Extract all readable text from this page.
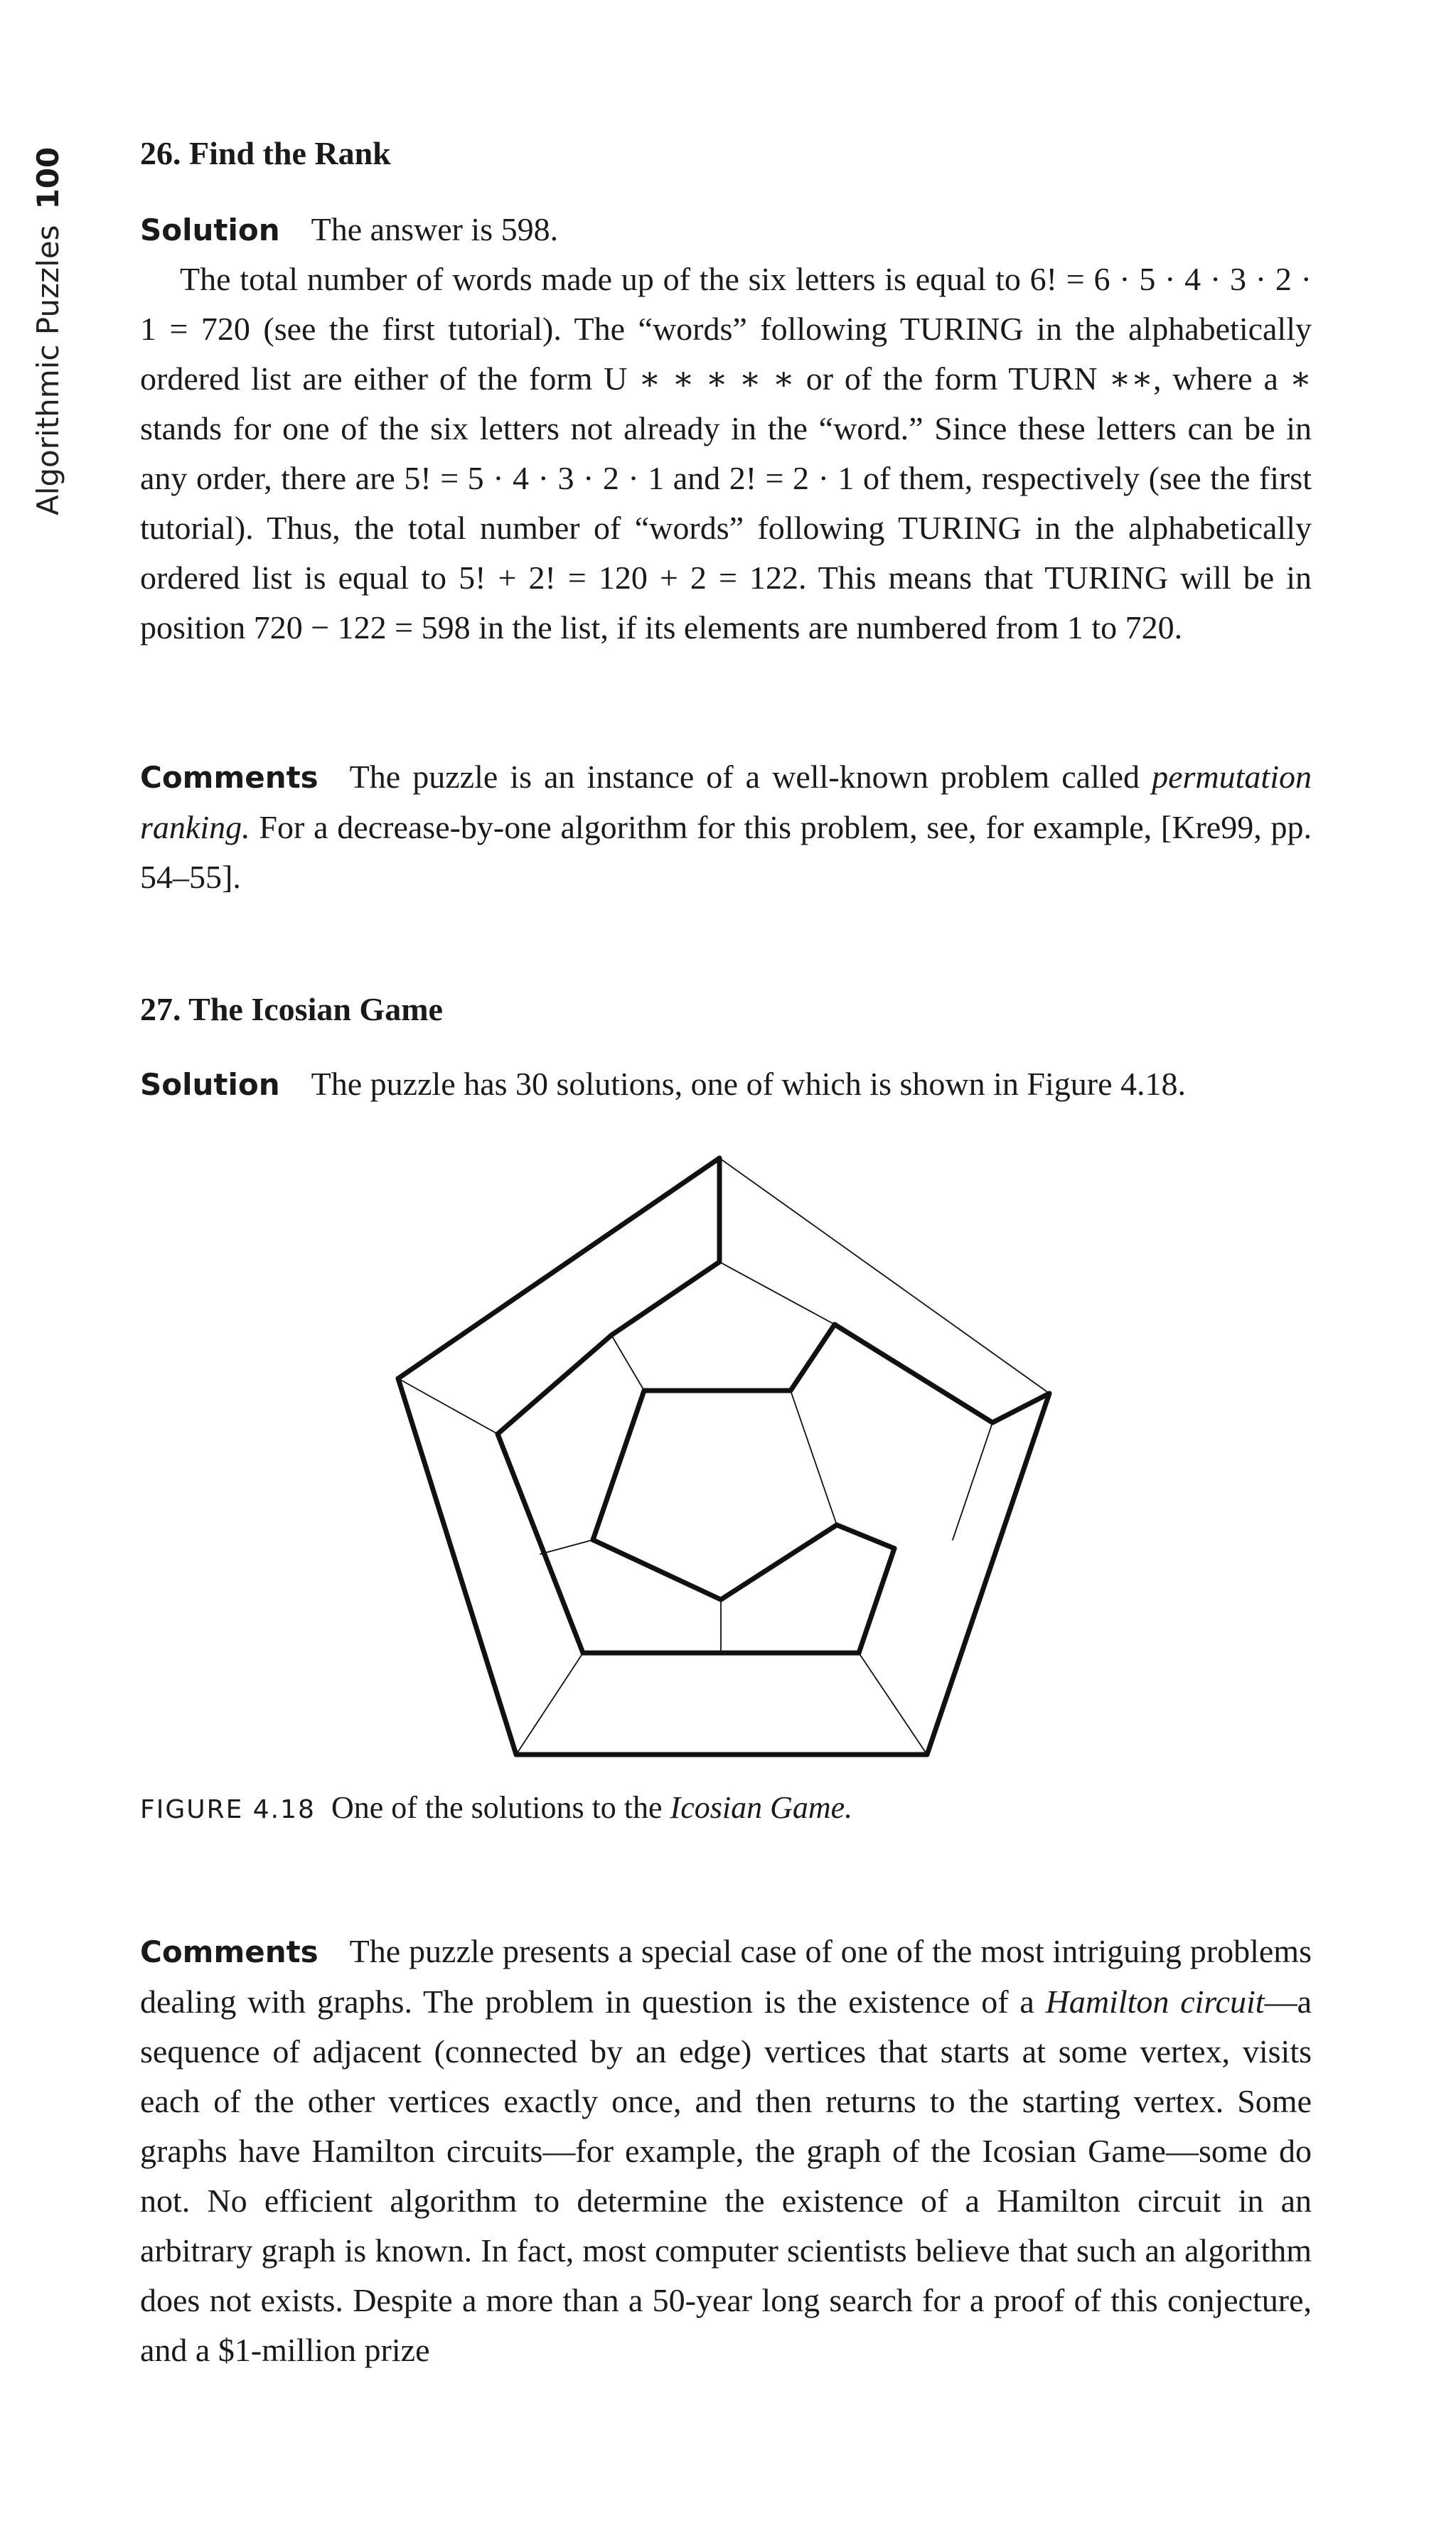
Algorithmic Puzzles100 26. Find the Rank
Solution The answer is 598.
The total number of words made up of the six letters is equal to 6! = 6 · 5 · 4 · 3 · 2 · 1 = 720 (see the first tutorial). The “words” following TURING in the alphabetically ordered list are either of the form U ∗ ∗ ∗ ∗ ∗ or of the form TURN ∗∗, where a ∗ stands for one of the six letters not already in the “word.” Since these letters can be in any order, there are 5! = 5 · 4 · 3 · 2 · 1 and 2! = 2 · 1 of them, respectively (see the first tutorial). Thus, the total number of “words” following TURING in the alphabetically ordered list is equal to 5! + 2! = 120 + 2 = 122. This means that TURING will be in position 720 − 122 = 598 in the list, if its elements are numbered from 1 to 720.
Comments The puzzle is an instance of a well-known problem called permutation ranking. For a decrease-by-one algorithm for this problem, see, for example, [Kre99, pp. 54–55].
27. The Icosian Game
Solution The puzzle has 30 solutions, one of which is shown in Figure 4.18.
FIGURE 4.18 One of the solutions to the Icosian Game.
Comments The puzzle presents a special case of one of the most intriguing problems dealing with graphs. The problem in question is the existence of a Hamilton circuit—a sequence of adjacent (connected by an edge) vertices that starts at some vertex, visits each of the other vertices exactly once, and then returns to the starting vertex. Some graphs have Hamilton circuits—for example, the graph of the Icosian Game—some do not. No efficient algorithm to determine the existence of a Hamilton circuit in an arbitrary graph is known. In fact, most computer scientists believe that such an algorithm does not exists. Despite a more than a 50-year long search for a proof of this conjecture, and a $1-million prize
